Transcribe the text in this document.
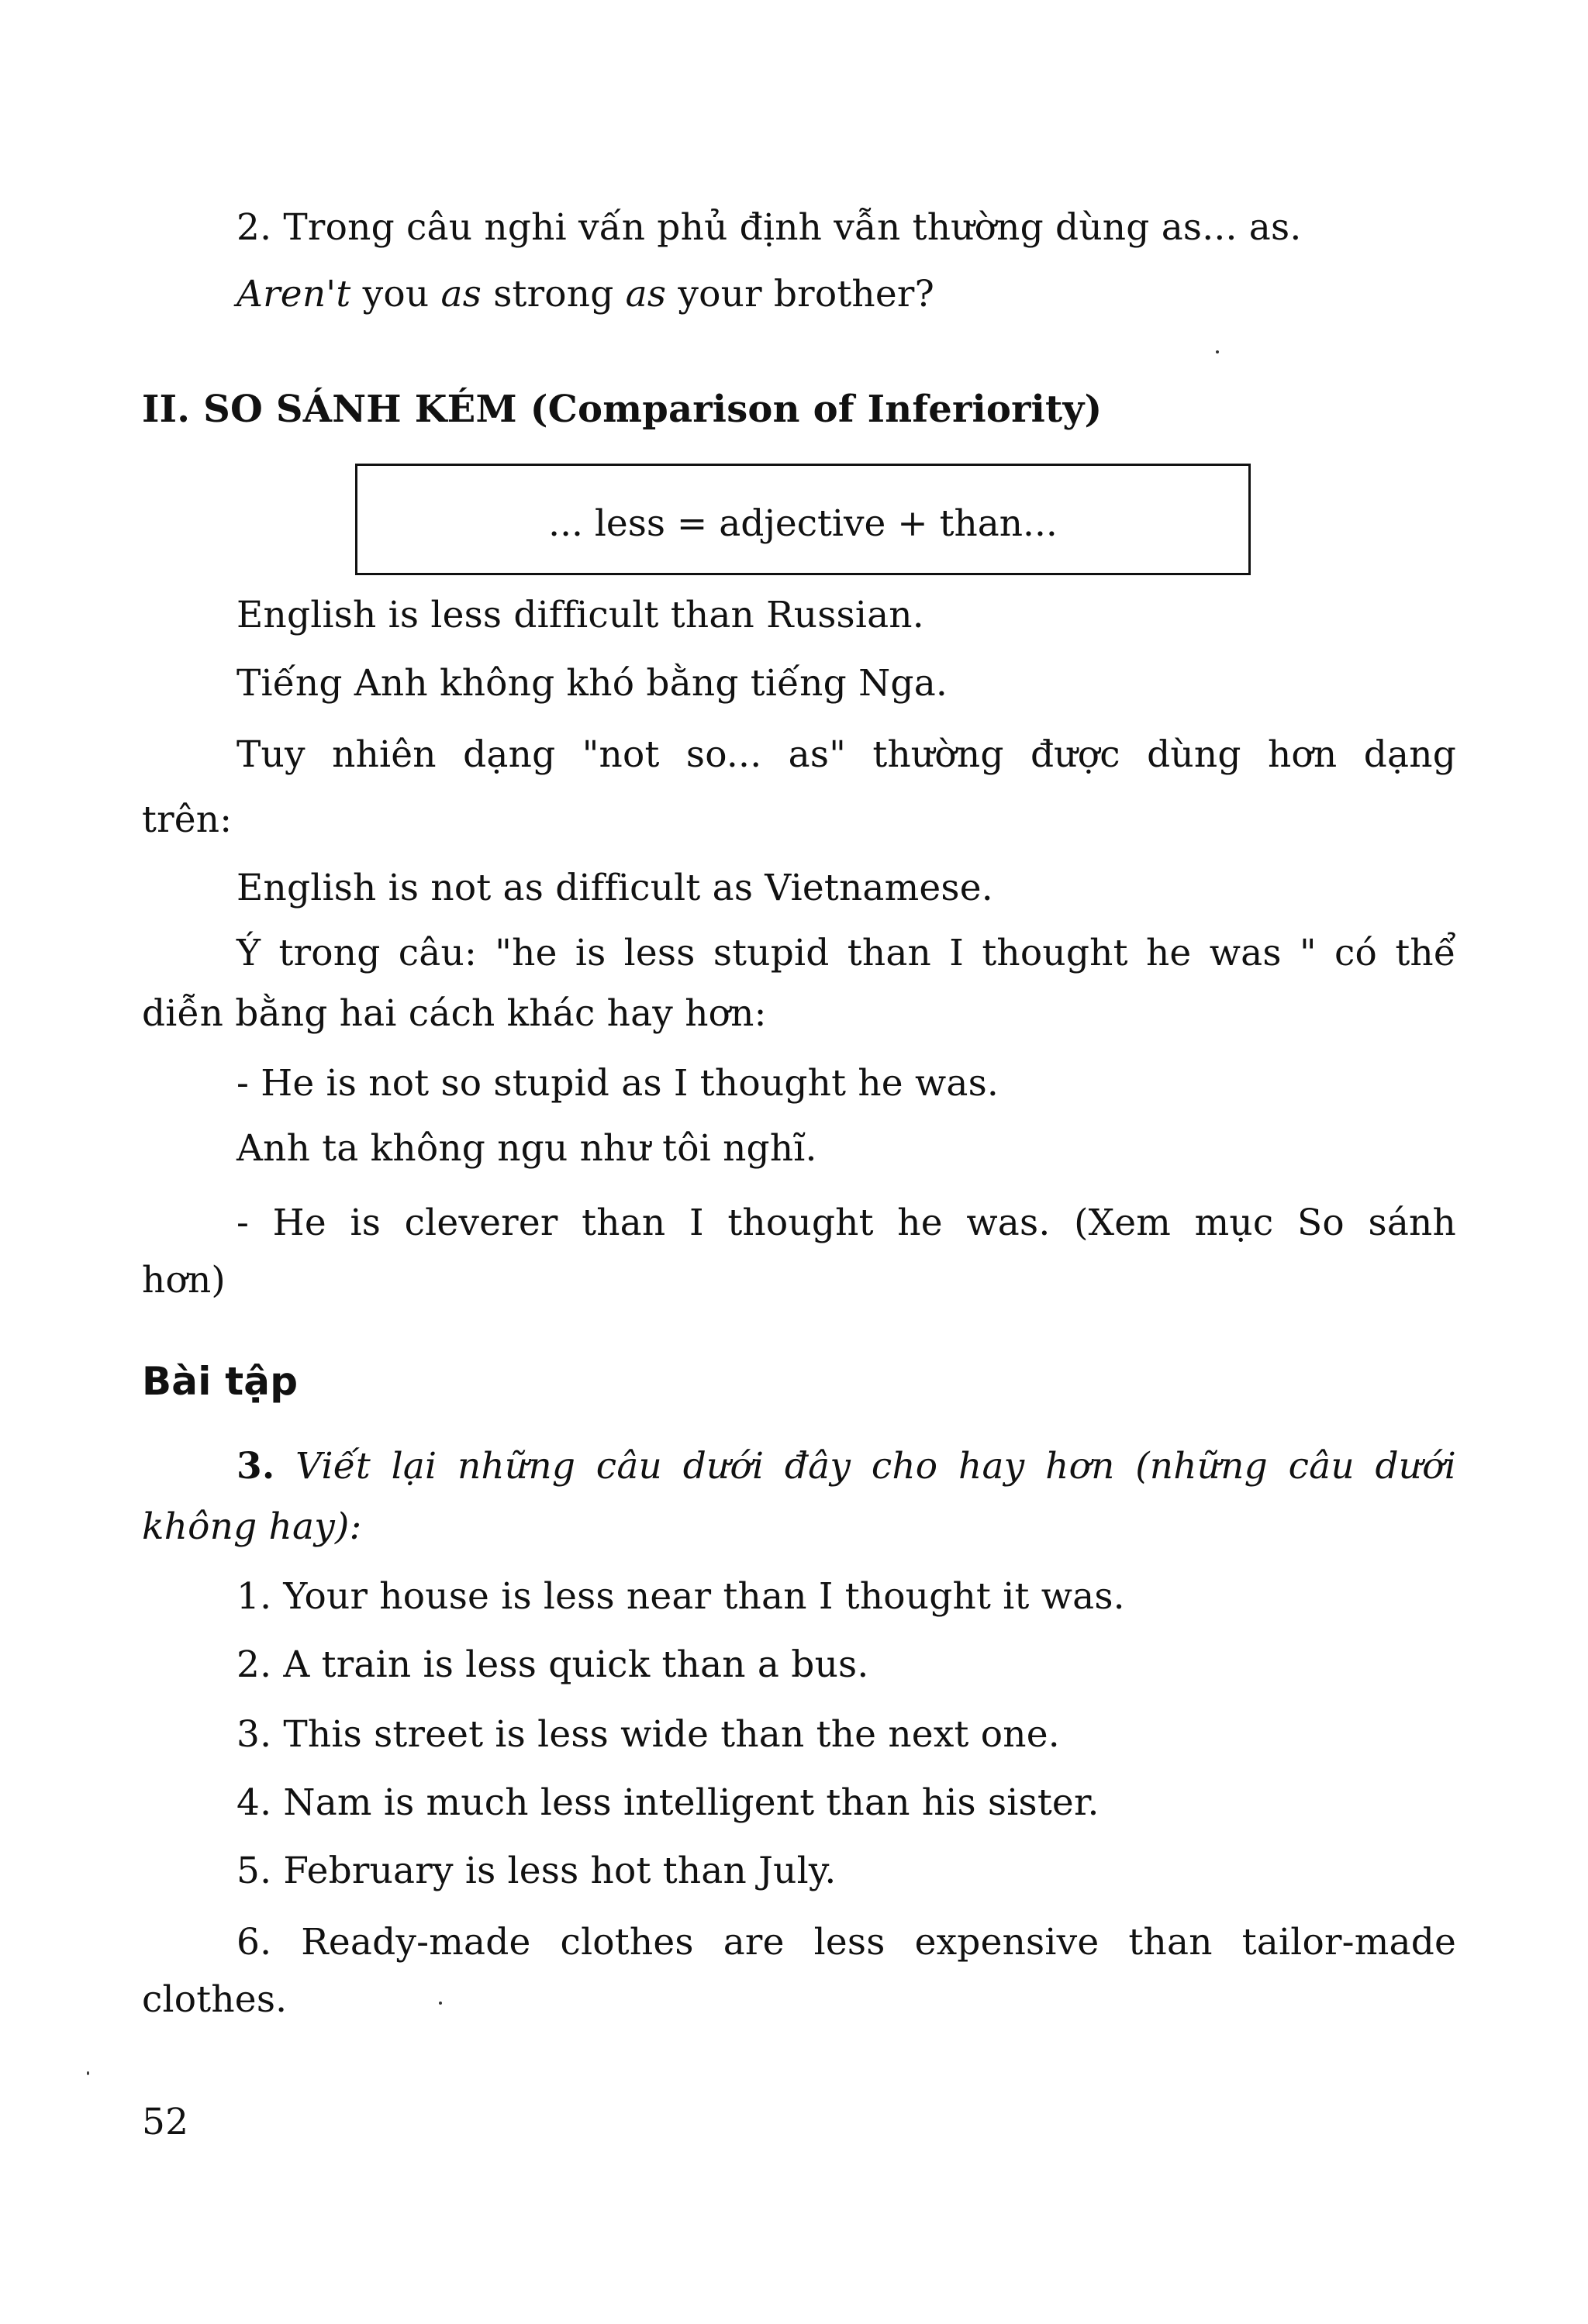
2. Trong câu nghi vấn phủ định vẫn thường dùng as... as.
Aren't you as strong as your brother?
II. SO SÁNH KÉM (Comparison of Inferiority)
... less = adjective + than...
English is less difficult than Russian.
Tiếng Anh không khó bằng tiếng Nga.
Tuy nhiên dạng "not so... as" thường được dùng hơn dạng
trên:
English is not as difficult as Vietnamese.
Ý trong câu: "he is less stupid than I thought he was " có thể
diễn bằng hai cách khác hay hơn:
- He is not so stupid as I thought he was.
Anh ta không ngu như tôi nghĩ.
- He is cleverer than I thought he was. (Xem mục So sánh
hơn)
Bài tập
3. Viết lại những câu dưới đây cho hay hơn (những câu dưới
không hay):
1. Your house is less near than I thought it was.
2. A train is less quick than a bus.
3. This street is less wide than the next one.
4. Nam is much less intelligent than his sister.
5. February is less hot than July.
6. Ready-made clothes are less expensive than tailor-made
clothes.
52
